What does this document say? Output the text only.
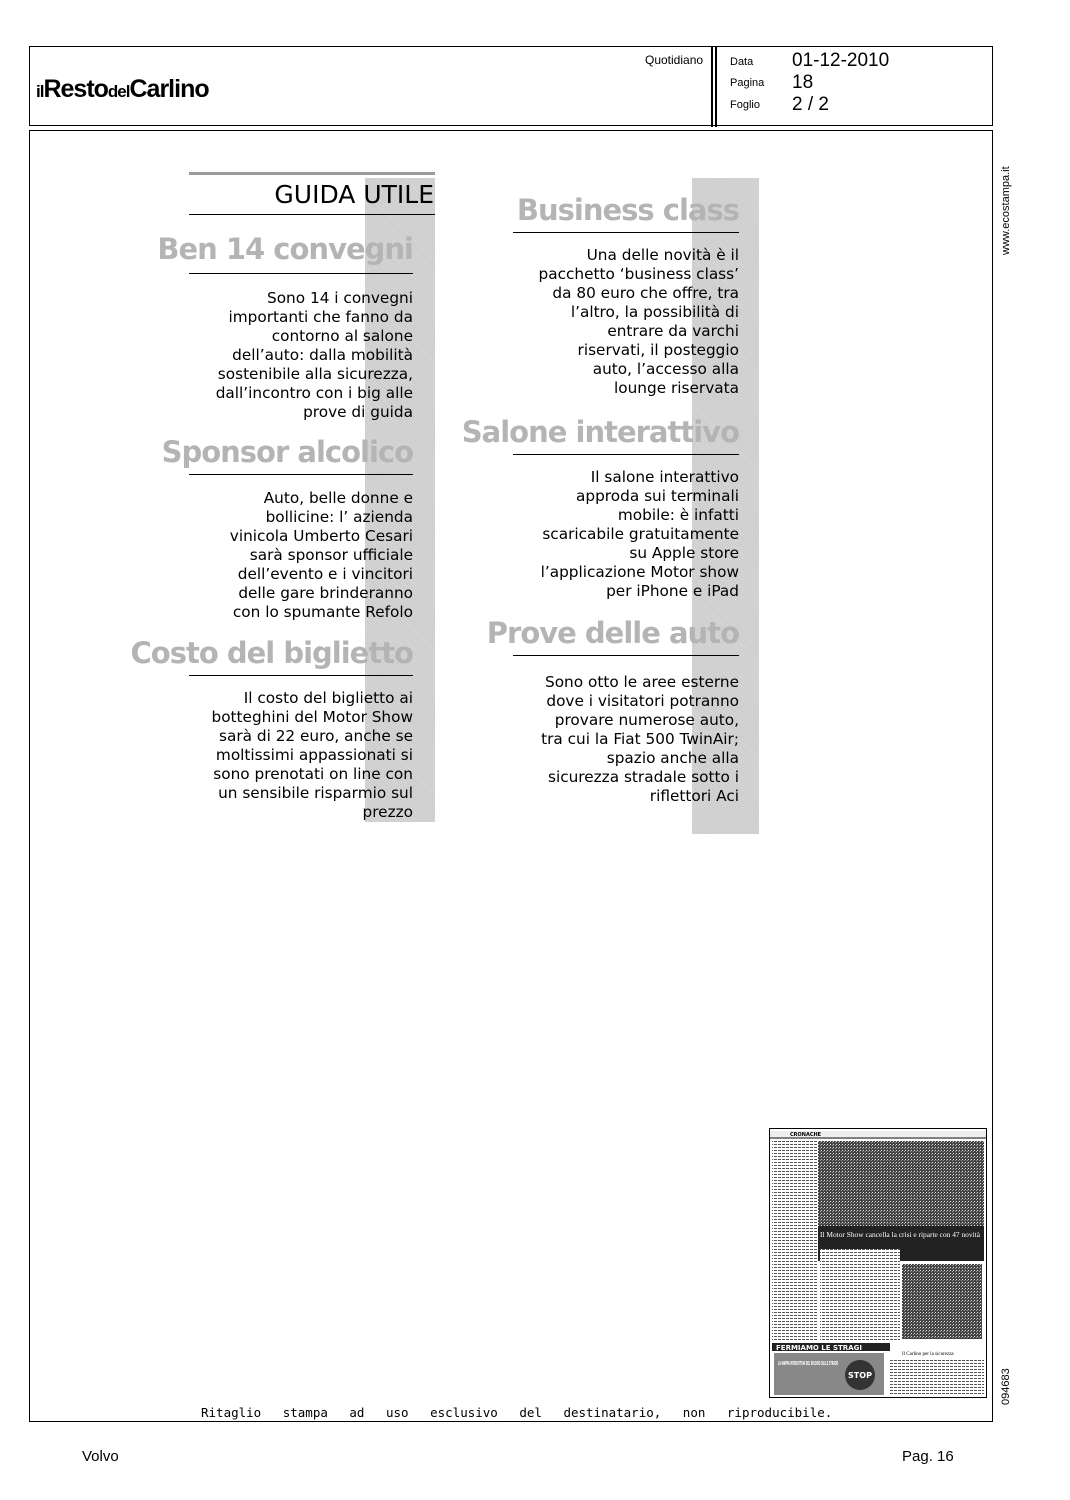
ilRestodelCarlino
Quotidiano Data 01-12-2010
Pagina 18
Foglio 2 / 2
www.ecostampa.it
094683
GUIDA UTILE
Ben 14 convegni
Sono 14 i convegni
importanti che fanno da
contorno al salone
dell’auto: dalla mobilità
sostenibile alla sicurezza,
dall’incontro con i big alle
prove di guida
Sponsor alcolico
Auto, belle donne e
bollicine: l’ azienda
vinicola Umberto Cesari
sarà sponsor ufficiale
dell’evento e i vincitori
delle gare brinderanno
con lo spumante Refolo
Costo del biglietto
Il costo del biglietto ai
botteghini del Motor Show
sarà di 22 euro, anche se
moltissimi appassionati si
sono prenotati on line con
un sensibile risparmio sul
prezzo
Business class
Una delle novità è il
pacchetto ‘business class’
da 80 euro che offre, tra
l’altro, la possibilità di
entrare da varchi
riservati, il posteggio
auto, l’accesso alla
lounge riservata
Salone interattivo
Il salone interattivo
approda sui terminali
mobile: è infatti
scaricabile gratuitamente
su Apple store
l’applicazione Motor show
per iPhone e iPad
Prove delle auto
Sono otto le aree esterne
dove i visitatori potranno
provare numerose auto,
tra cui la Fiat 500 TwinAir;
spazio anche alla
sicurezza stradale sotto i
riflettori Aci
CRONACHE
Il Motor Show cancella la crisi e riparte con 47 novità
FERMIAMO LE STRAGI
LA MAPPA INTERATTIVA DEL RISCHIO SULLE STRADE
STOP
Il Carlino per la sicurezza
Ritaglio stampa ad uso esclusivo del destinatario, non riproducibile.
Volvo	Pag. 16
